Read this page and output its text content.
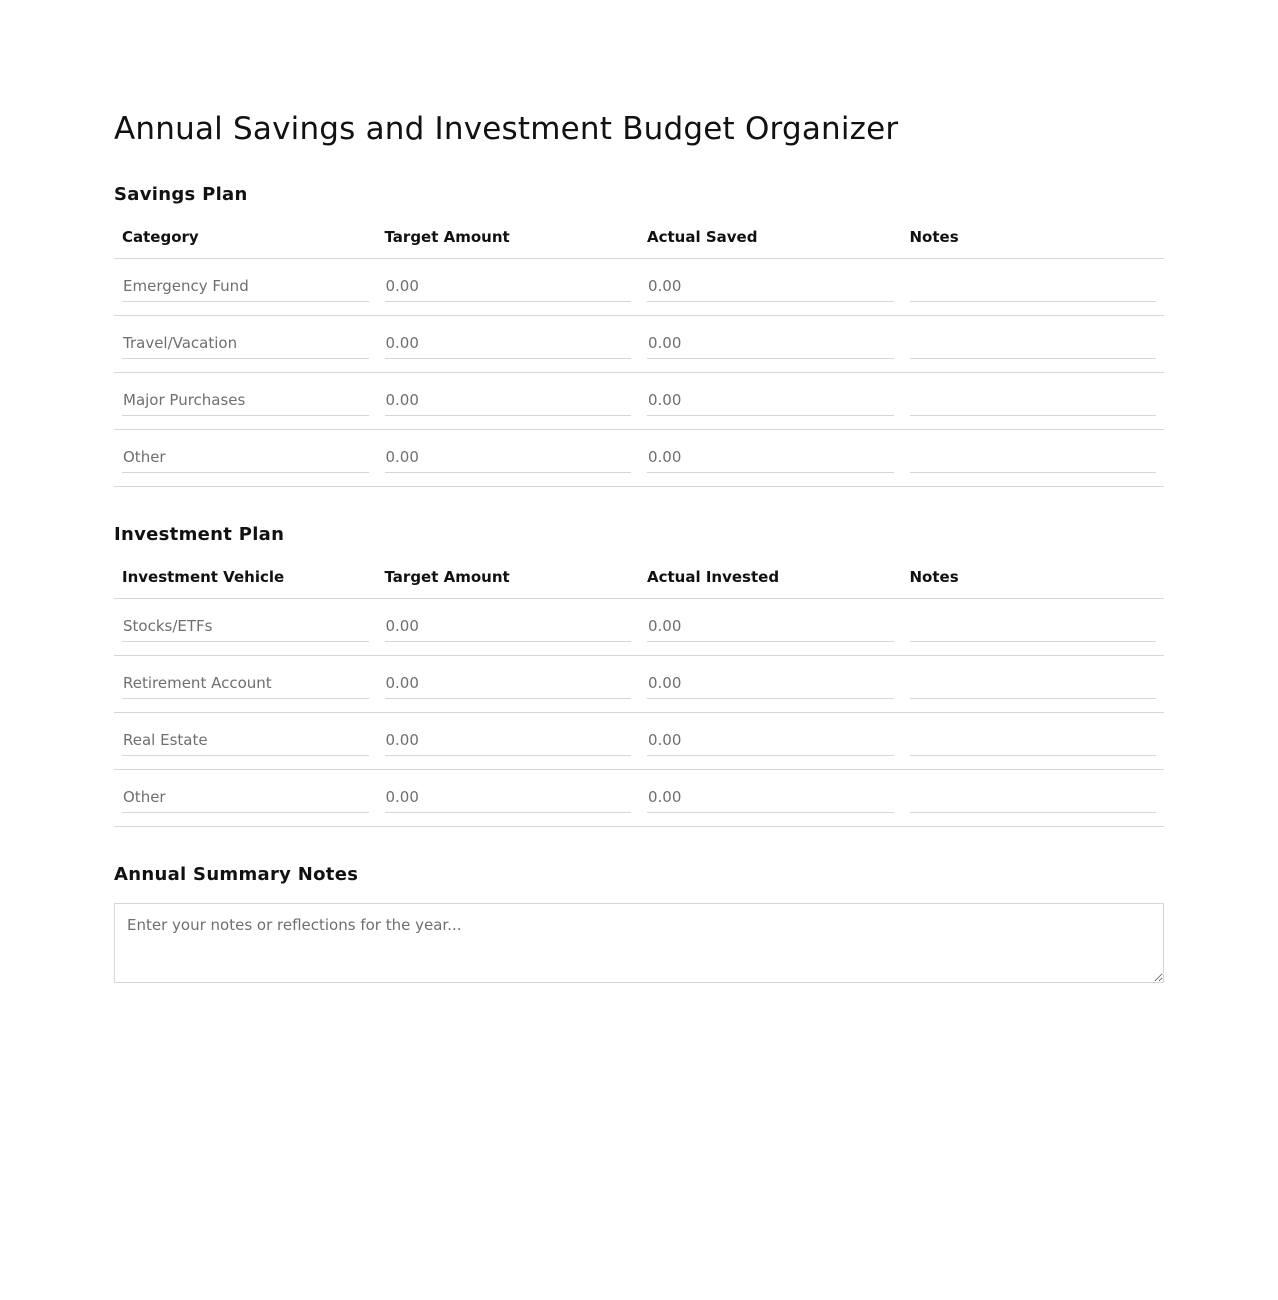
Annual Savings and Investment Budget Organizer
Savings Plan
Category	Target Amount	Actual Saved	Notes
Emergency Fund	0.00	0.00	
Travel/Vacation	0.00	0.00	
Major Purchases	0.00	0.00	
Other	0.00	0.00	
Investment Plan
Investment Vehicle	Target Amount	Actual Invested	Notes
Stocks/ETFs	0.00	0.00	
Retirement Account	0.00	0.00	
Real Estate	0.00	0.00	
Other	0.00	0.00	
Annual Summary Notes
Enter your notes or reflections for the year...
